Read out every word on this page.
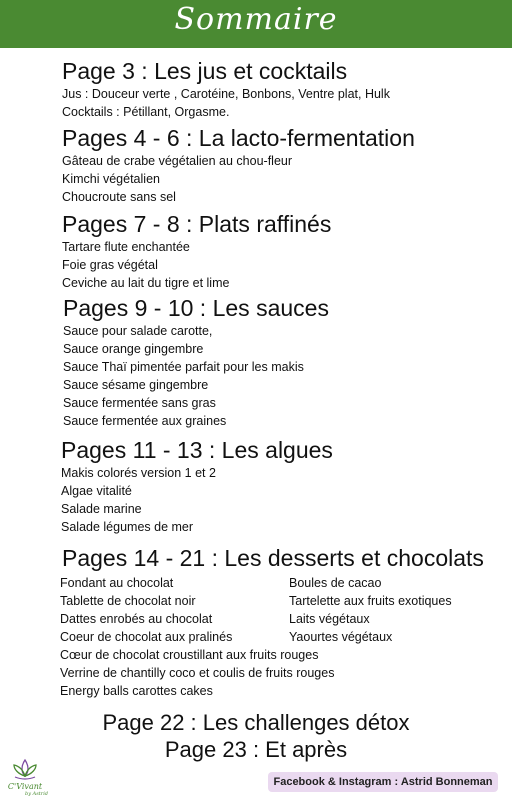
Sommaire
Page 3 : Les jus et cocktails
Jus : Douceur verte , Carotéine, Bonbons, Ventre plat, Hulk
Cocktails : Pétillant, Orgasme.
Pages 4 - 6 : La lacto-fermentation
Gâteau de crabe végétalien au chou-fleur
Kimchi végétalien
Choucroute sans sel
Pages 7 - 8 : Plats raffinés
Tartare flute enchantée
Foie gras végétal
Ceviche au lait du tigre et lime
Pages 9 - 10 : Les sauces
Sauce pour salade carotte,
Sauce orange gingembre
Sauce Thaï pimentée parfait pour les makis
Sauce sésame gingembre
Sauce fermentée sans gras
Sauce fermentée aux graines
Pages 11 - 13 : Les algues
Makis colorés version 1 et 2
Algae vitalité
Salade marine
Salade légumes de mer
Pages 14 - 21 : Les desserts et chocolats
Fondant au chocolat
Tablette de chocolat noir
Dattes enrobés au chocolat
Coeur de chocolat aux pralinés
Boules de cacao
Tartelette aux fruits exotiques
Laits végétaux
Yaourtes végétaux
Cœur de chocolat croustillant aux fruits rouges
Verrine de chantilly coco et coulis de fruits rouges
Energy balls carottes cakes
Page 22 : Les challenges détox
Page 23 : Et après
C'Vivant
by Astrid
Facebook & Instagram : Astrid Bonneman
